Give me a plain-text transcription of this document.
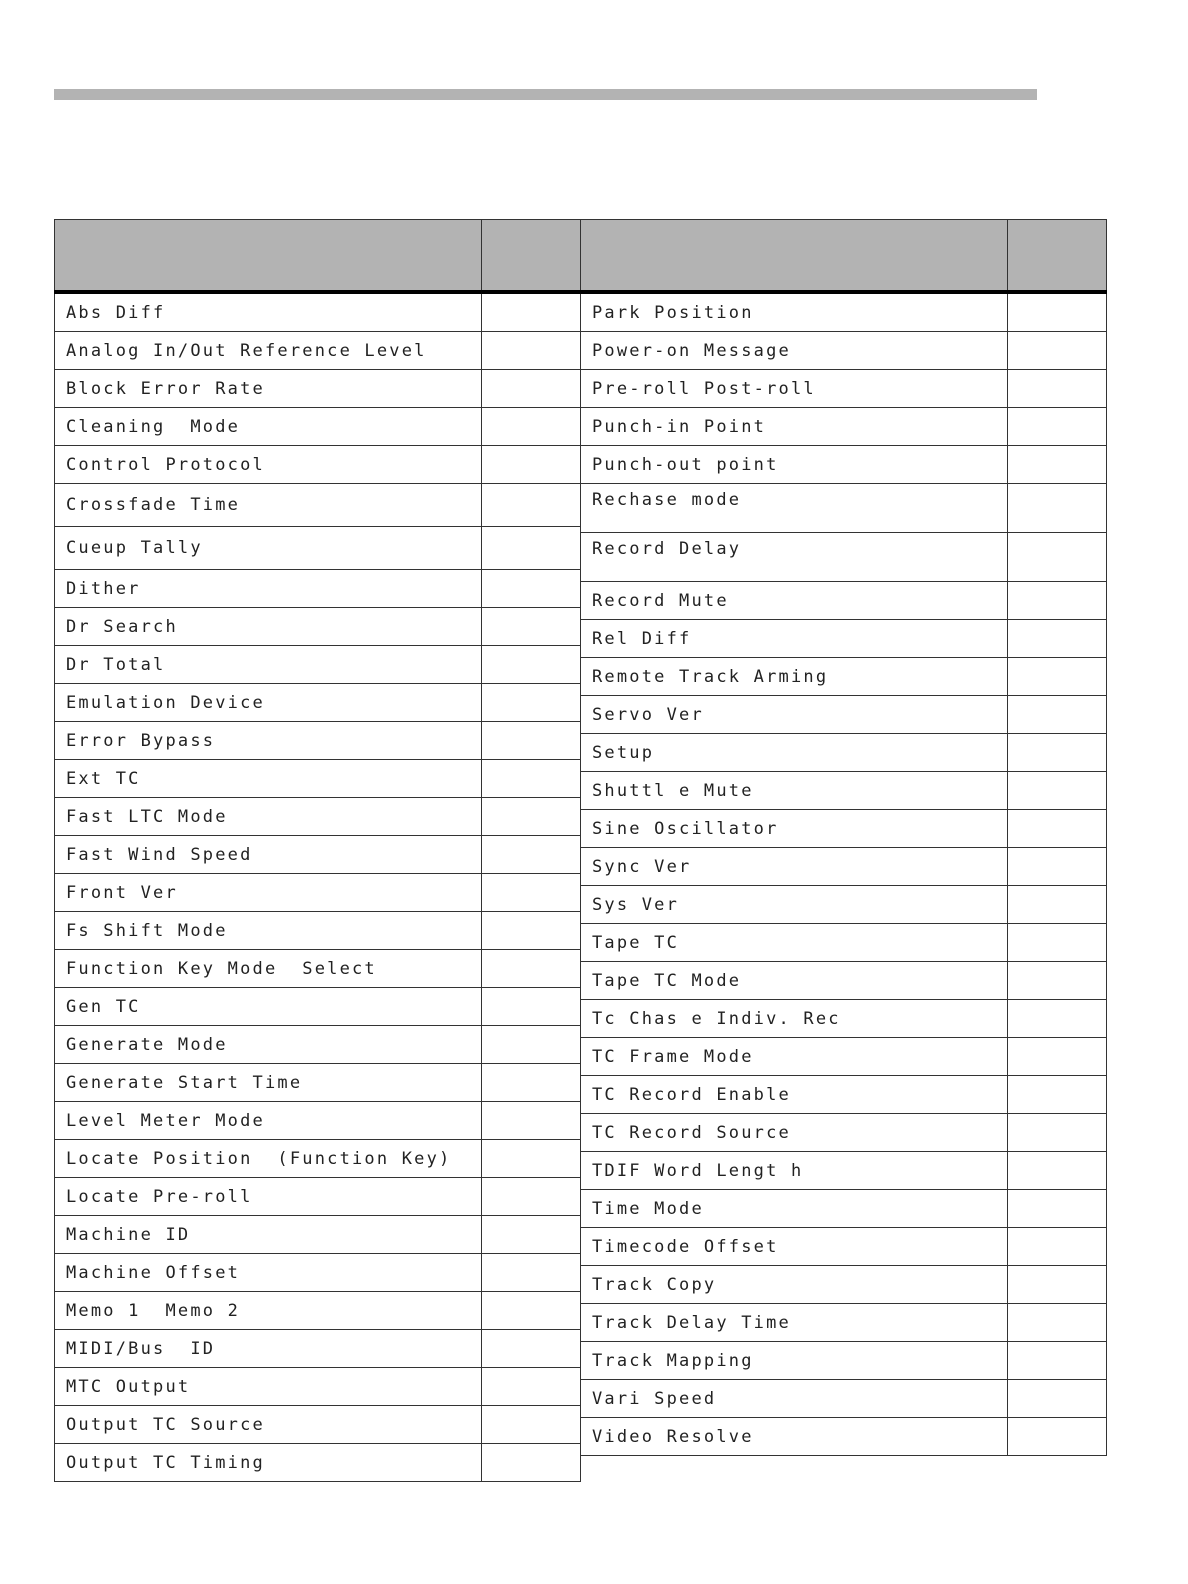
Abs Diff	
Analog In/Out Reference Level	
Block Error Rate	
Cleaning  Mode	
Control Protocol	
Crossfade Time	
Cueup Tally	
Dither	
Dr Search	
Dr Total	
Emulation Device	
Error Bypass	
Ext TC	
Fast LTC Mode	
Fast Wind Speed	
Front Ver	
Fs Shift Mode	
Function Key Mode  Select	
Gen TC	
Generate Mode	
Generate Start Time	
Level Meter Mode	
Locate Position  (Function Key)	
Locate Pre-roll	
Machine ID	
Machine Offset	
Memo 1  Memo 2	
MIDI/Bus  ID	
MTC Output	
Output TC Source	
Output TC Timing	

Park Position	
Power-on Message	
Pre-roll Post-roll	
Punch-in Point	
Punch-out point	
Rechase mode	
Record Delay	
Record Mute	
Rel Diff	
Remote Track Arming	
Servo Ver	
Setup	
Shuttl e Mute	
Sine Oscillator	
Sync Ver	
Sys Ver	
Tape TC	
Tape TC Mode	
Tc Chas e Indiv. Rec	
TC Frame Mode	
TC Record Enable	
TC Record Source	
TDIF Word Lengt h	
Time Mode	
Timecode Offset	
Track Copy	
Track Delay Time	
Track Mapping	
Vari Speed	
Video Resolve	
